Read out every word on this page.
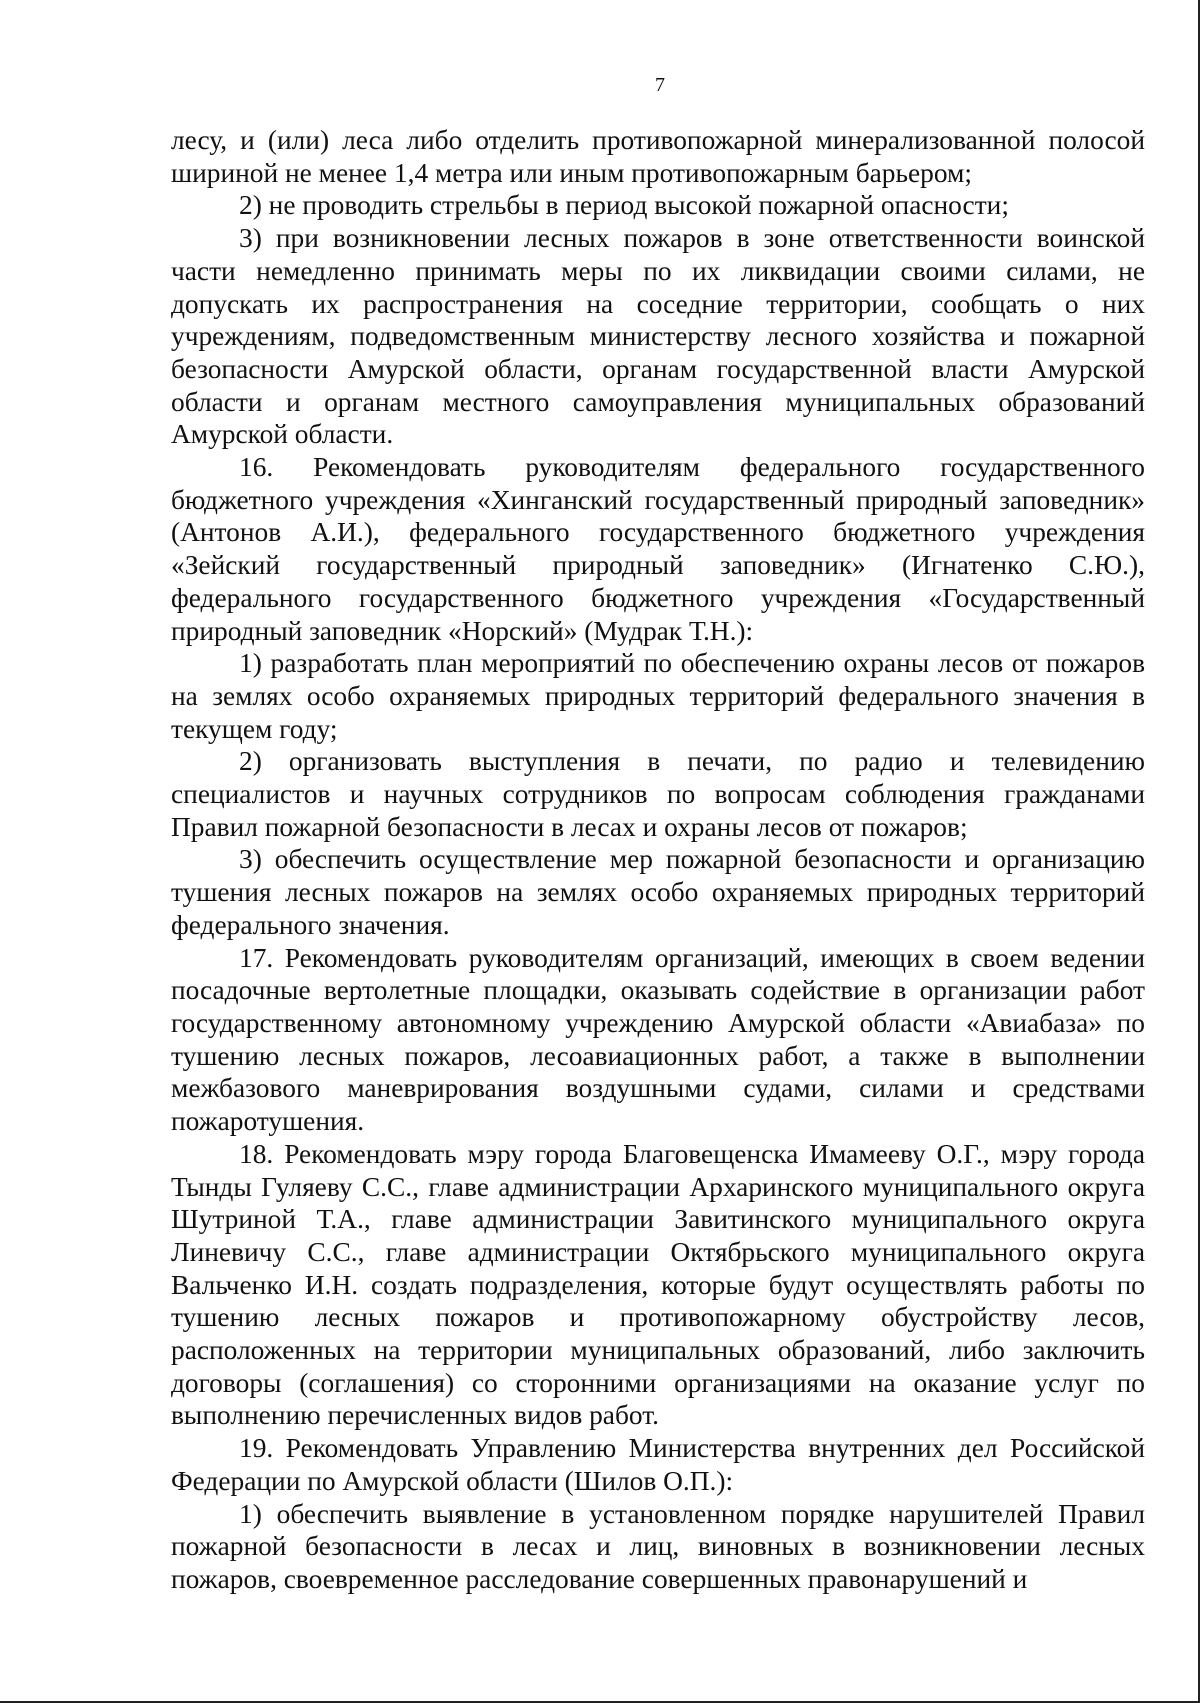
7

лесу, и (или) леса либо отделить противопожарной минерализованной полосой шириной не менее 1,4 метра или иным противопожарным барьером;

2) не проводить стрельбы в период высокой пожарной опасности;

3) при возникновении лесных пожаров в зоне ответственности воинской части немедленно принимать меры по их ликвидации своими силами, не допускать их распространения на соседние территории, сообщать о них учреждениям, подведомственным министерству лесного хозяйства и пожарной безопасности Амурской области, органам государственной власти Амурской области и органам местного самоуправления муниципальных образований Амурской области.

16. Рекомендовать руководителям федерального государственного бюджетного учреждения «Хинганский государственный природный заповедник» (Антонов А.И.), федерального государственного бюджетного учреждения «Зейский государственный природный заповедник» (Игнатенко С.Ю.), федерального государственного бюджетного учреждения «Государственный природный заповедник «Норский» (Мудрак Т.Н.):

1) разработать план мероприятий по обеспечению охраны лесов от пожаров на землях особо охраняемых природных территорий федерального значения в текущем году;

2) организовать выступления в печати, по радио и телевидению специалистов и научных сотрудников по вопросам соблюдения гражданами Правил пожарной безопасности в лесах и охраны лесов от пожаров;

3) обеспечить осуществление мер пожарной безопасности и организацию тушения лесных пожаров на землях особо охраняемых природных территорий федерального значения.

17. Рекомендовать руководителям организаций, имеющих в своем ведении посадочные вертолетные площадки, оказывать содействие в организации работ государственному автономному учреждению Амурской области «Авиабаза» по тушению лесных пожаров, лесоавиационных работ, а также в выполнении межбазового маневрирования воздушными судами, силами и средствами пожаротушения.

18. Рекомендовать мэру города Благовещенска Имамееву О.Г., мэру города Тынды Гуляеву С.С., главе администрации Архаринского муниципального округа Шутриной Т.А., главе администрации Завитинского муниципального округа Линевичу С.С., главе администрации Октябрьского муниципального округа Вальченко И.Н. создать подразделения, которые будут осуществлять работы по тушению лесных пожаров и противопожарному обустройству лесов, расположенных на территории муниципальных образований, либо заключить договоры (соглашения) со сторонними организациями на оказание услуг по выполнению перечисленных видов работ.

19. Рекомендовать Управлению Министерства внутренних дел Российской Федерации по Амурской области (Шилов О.П.):

1) обеспечить выявление в установленном порядке нарушителей Правил пожарной безопасности в лесах и лиц, виновных в возникновении лесных пожаров, своевременное расследование совершенных правонарушений и
